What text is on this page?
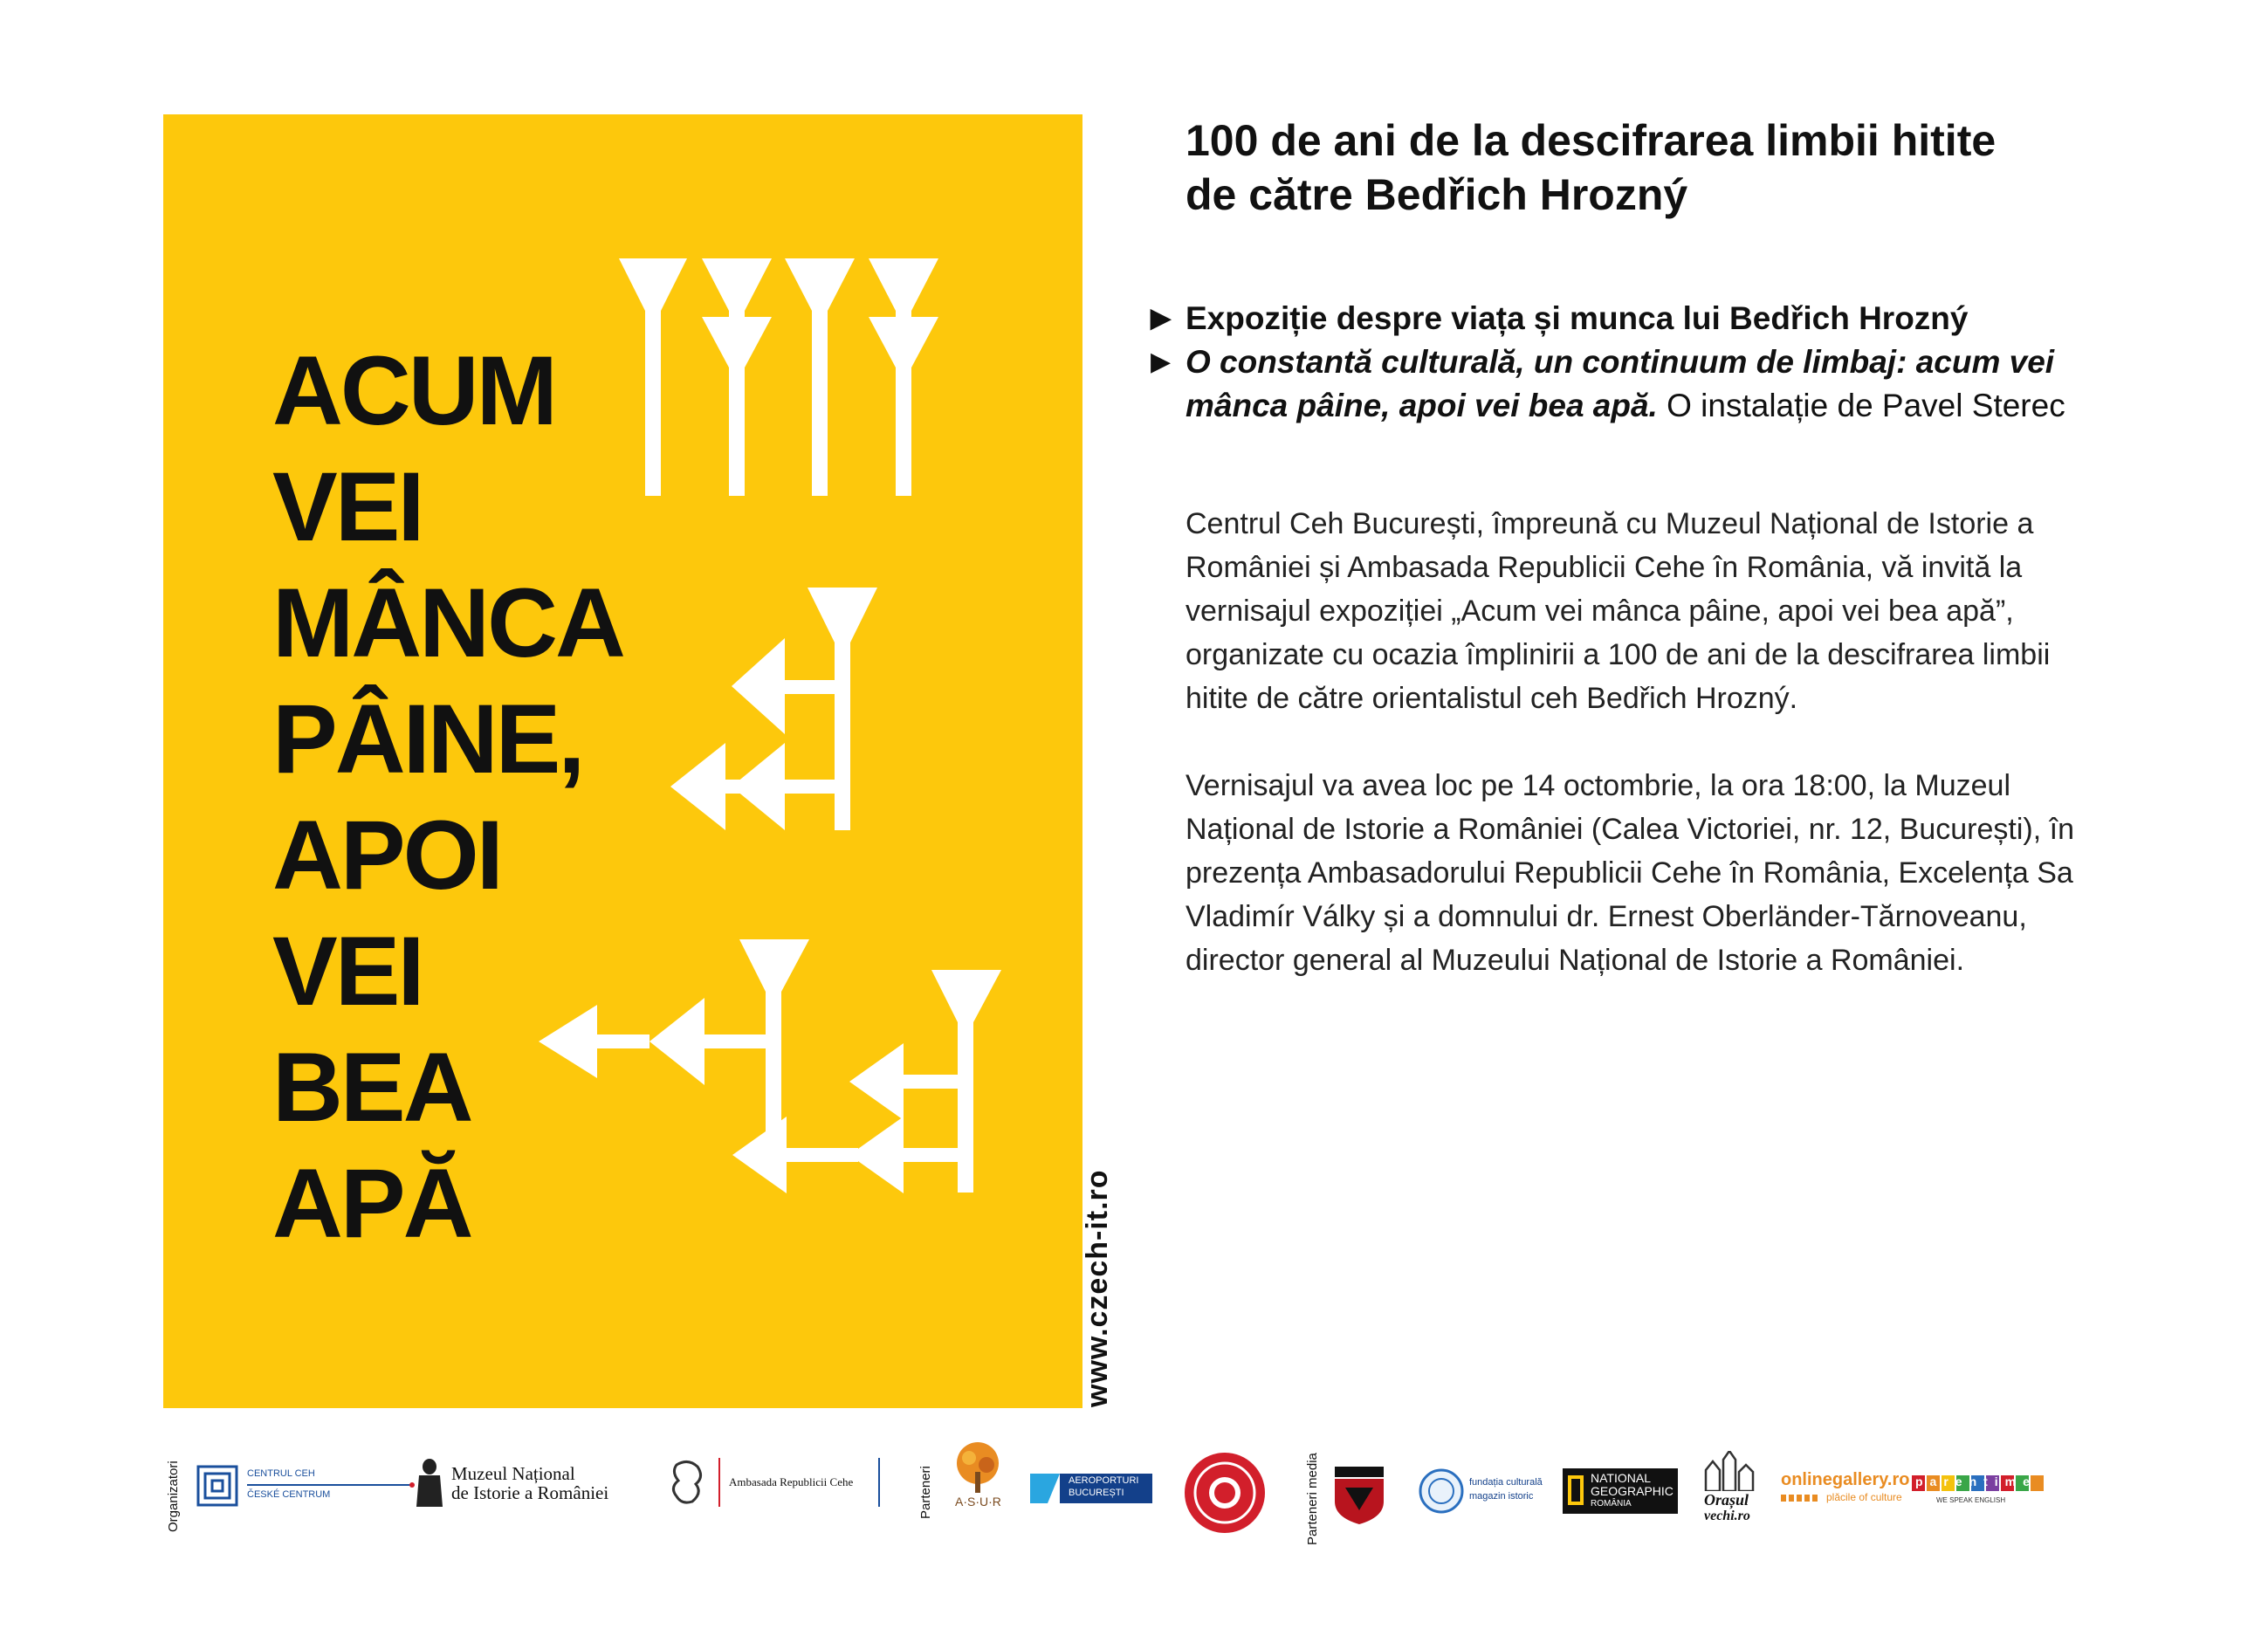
ACUM
VEI
MÂNCA
PÂINE,
APOI
VEI
BEA
APĂ	www.czech-it.ro
100 de ani de la descifrarea limbii hitite
de către Bedřich Hrozný

▶ Expoziție despre viața și munca lui Bedřich Hrozný

▶ O constantă culturală, un continuum de limbaj: acum vei mânca pâine, apoi vei bea apă. O instalație de Pavel Sterec

Centrul Ceh București, împreună cu Muzeul Național de Istorie a României și Ambasada Republicii Cehe în România, vă invită la vernisajul expoziției „Acum vei mânca pâine, apoi vei bea apă”, organizate cu ocazia împlinirii a 100 de ani de la descifrarea limbii hitite de către orientalistul ceh Bedřich Hrozný.

Vernisajul va avea loc pe 14 octombrie, la ora 18:00, la Muzeul Național de Istorie a României (Calea Victoriei, nr. 12, București), în prezența Ambasadorului Republicii Cehe în România, Excelența Sa Vladimír Války și a domnului dr. Ernest Oberländer-Tărnoveanu, director general al Muzeului Național de Istorie a României.

Organizatori	CENTRUL CEH
ČESKÉ CENTRUM
Muzeul Național
de Istorie a României
Ambasada Republicii Cehe	Parteneri A·S·U·R
AEROPORTURI
BUCUREȘTI	Parteneri media	fundația culturală
magazin istoric
NATIONAL
GEOGRAPHIC
ROMÂNIA	Orașul
vechi.ro
onlinegallery.ro
plăcile of culture
parentime
WE SPEAK ENGLISH
